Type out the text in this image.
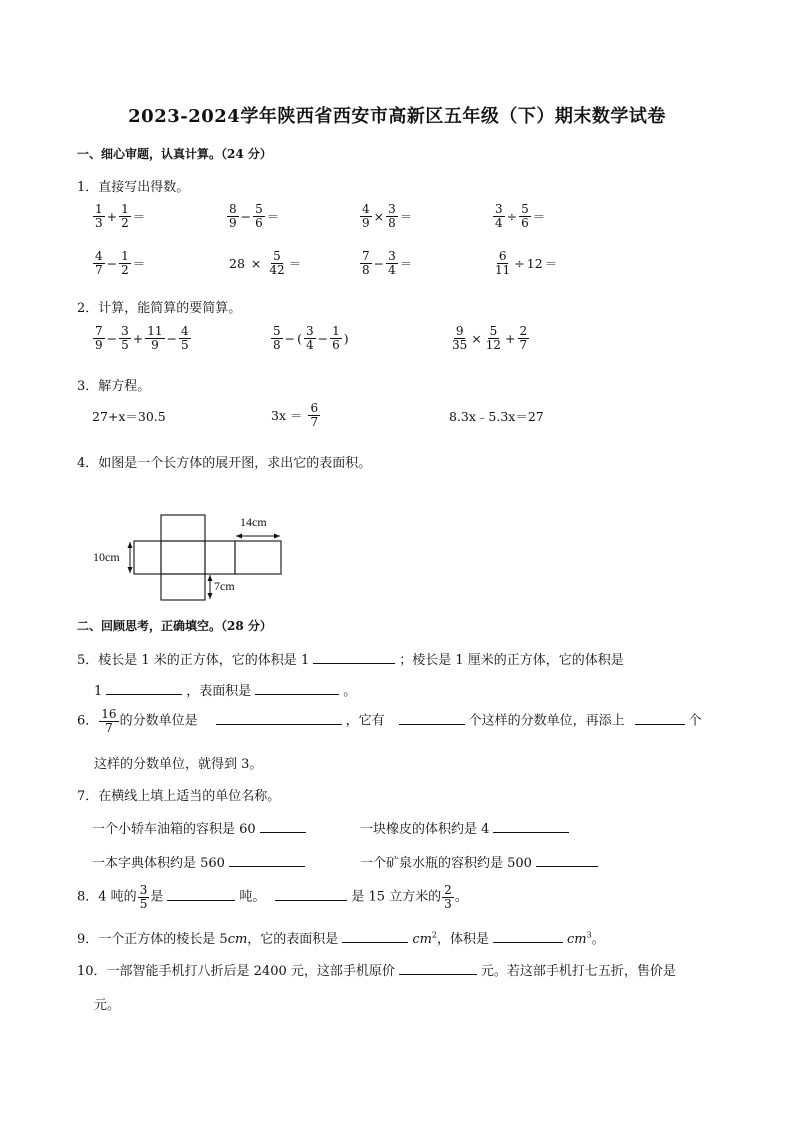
2023-2024学年陕西省西安市高新区五年级（下）期末数学试卷
一、细心审题，认真计算。（24 分）
1．直接写出得数。
$\frac{1}{3} + \frac{1}{2}$ ＝	$\frac{8}{9} - \frac{5}{6}$ ＝	$\frac{4}{9} \times \frac{3}{8}$ ＝	$\frac{3}{4} \div \frac{5}{6}$ ＝
$\frac{4}{7} - \frac{1}{2}$ ＝	$28 \times \frac{5}{42}$ ＝	$\frac{7}{8} - \frac{3}{4}$ ＝	$\frac{6}{11} \div 12$ ＝
2．计算，能简算的要简算。
$\frac{7}{9} - \frac{3}{5} + \frac{11}{9} - \frac{4}{5}$	$\frac{5}{8}$ − ( $\frac{3}{4} - \frac{1}{6}$ )	$\frac{9}{35} \times \frac{5}{12} + \frac{2}{7}$
3．解方程。
27+x＝30.5	$3x = \frac{6}{7}$	8.3x﹣5.3x＝27
4．如图是一个长方体的展开图，求出它的表面积。
14cm
10cm
7cm
二、回顾思考，正确填空。（28 分）
5．棱长是 1 米的正方体，它的体积是 1	；棱长是 1 厘米的正方体，它的体积是
1	，表面积是	。
6． $\frac{16}{7}$ 的分数单位是	，它有	个这样的分数单位，再添上	个
这样的分数单位，就得到 3。
7．在横线上填上适当的单位名称。
一个小轿车油箱的容积是 60	一块橡皮的体积约是 4
一本字典体积约是 560	一个矿泉水瓶的容积约是 500
8．4 吨的 $\frac{3}{5}$ 是	吨。	是 15 立方米的 $\frac{2}{3}$ 。
9．一个正方体的棱长是 5cm，它的表面积是	$cm^2$，体积是	$cm^3$。
10．一部智能手机打八折后是 2400 元，这部手机原价	元。若这部手机打七五折，售价是
元。
